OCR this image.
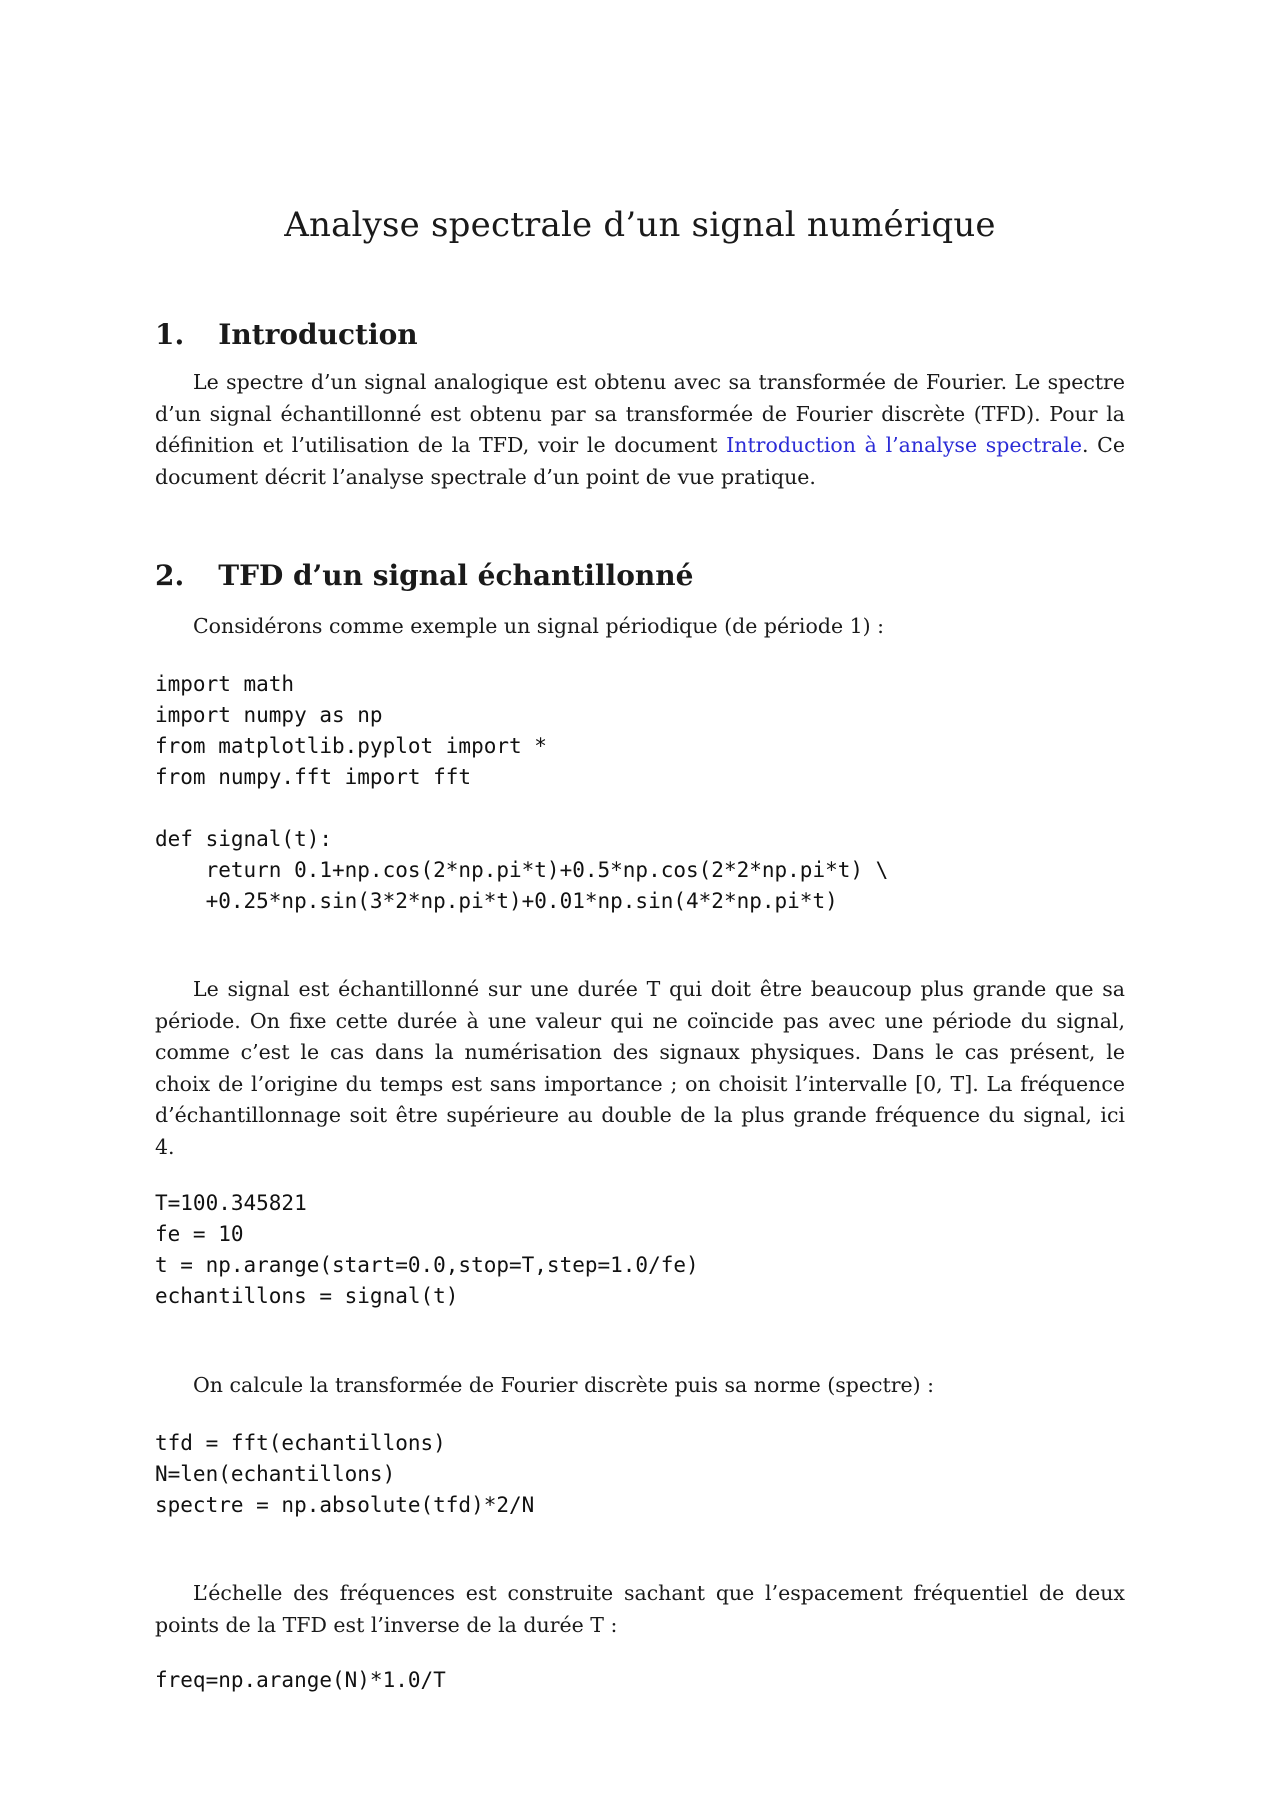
Analyse spectrale d’un signal numérique
1. Introduction

Le spectre d’un signal analogique est obtenu avec sa transformée de Fourier. Le spectre d’un signal échantillonné est obtenu par sa transformée de Fourier discrète (TFD). Pour la définition et l’utilisation de la TFD, voir le document Introduction à l’analyse spectrale. Ce document décrit l’analyse spectrale d’un point de vue pratique.

2. TFD d’un signal échantillonné

Considérons comme exemple un signal périodique (de période 1) :

import math
import numpy as np
from matplotlib.pyplot import *
from numpy.fft import fft

def signal(t):
return 0.1+np.cos(2*np.pi*t)+0.5*np.cos(2*2*np.pi*t) \
+0.25*np.sin(3*2*np.pi*t)+0.01*np.sin(4*2*np.pi*t)

Le signal est échantillonné sur une durée T qui doit être beaucoup plus grande que sa période. On fixe cette durée à une valeur qui ne coïncide pas avec une période du signal, comme c’est le cas dans la numérisation des signaux physiques. Dans le cas présent, le choix de l’origine du temps est sans importance ; on choisit l’intervalle [0, T]. La fréquence d’échantillonnage soit être supérieure au double de la plus grande fréquence du signal, ici 4.

T=100.345821
fe = 10
t = np.arange(start=0.0,stop=T,step=1.0/fe)
echantillons = signal(t)

On calcule la transformée de Fourier discrète puis sa norme (spectre) :

tfd = fft(echantillons)
N=len(echantillons)
spectre = np.absolute(tfd)*2/N

L’échelle des fréquences est construite sachant que l’espacement fréquentiel de deux points de la TFD est l’inverse de la durée T :

freq=np.arange(N)*1.0/T
